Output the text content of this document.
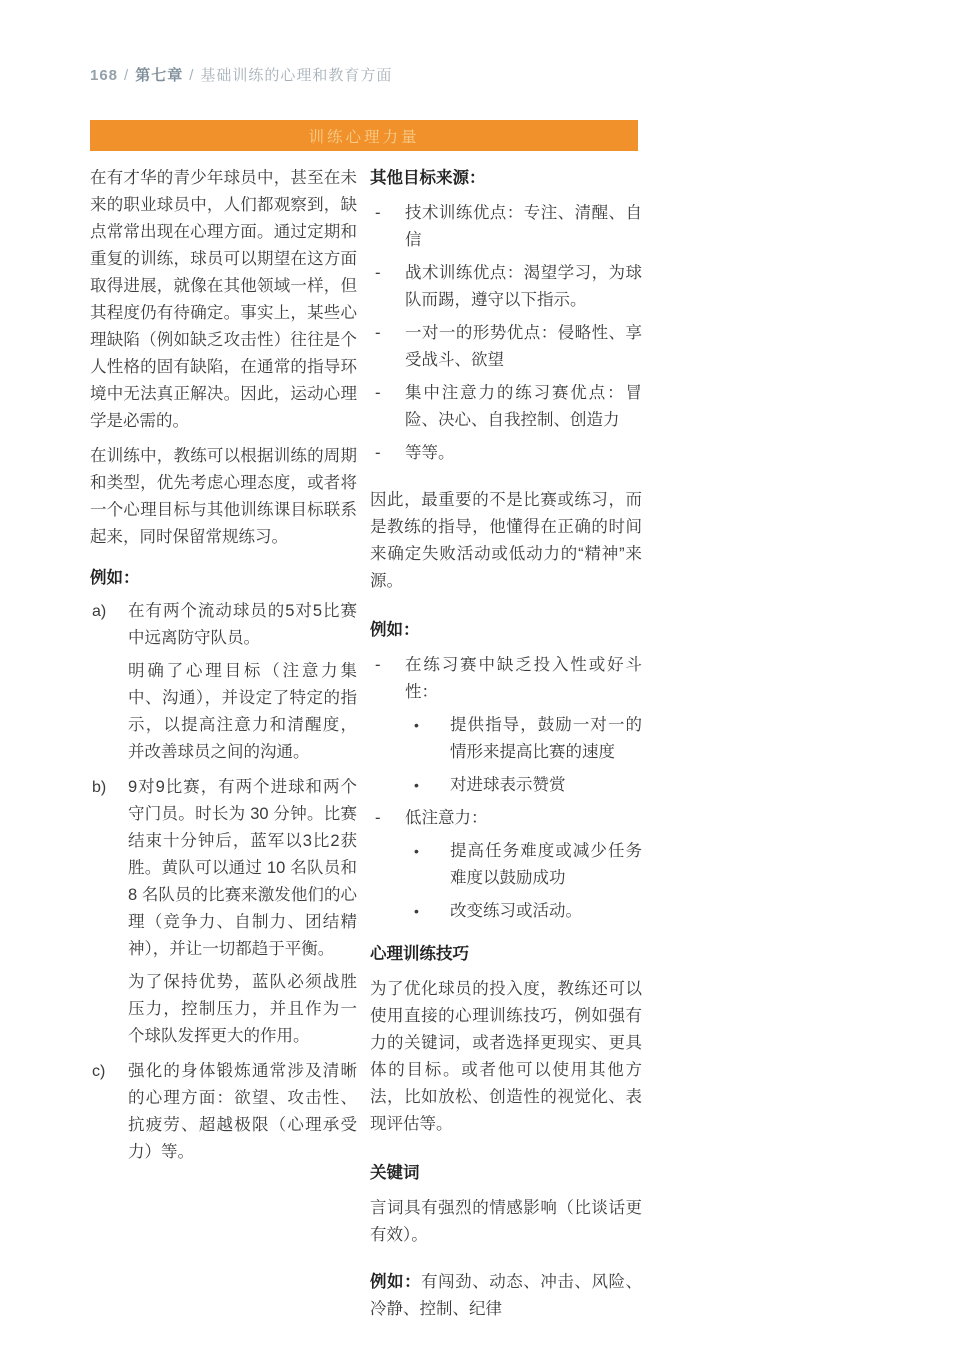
168 / 第七章 / 基础训练的心理和教育方面
训练心理力量

在有才华的青少年球员中，甚至在未来的职业球员中，人们都观察到，缺点常常出现在心理方面。通过定期和重复的训练，球员可以期望在这方面取得进展，就像在其他领域一样，但其程度仍有待确定。事实上，某些心理缺陷（例如缺乏攻击性）往往是个人性格的固有缺陷，在通常的指导环境中无法真正解决。因此，运动心理学是必需的。

在训练中，教练可以根据训练的周期和类型，优先考虑心理态度，或者将一个心理目标与其他训练课目标联系起来，同时保留常规练习。

例如：

a)	在有两个流动球员的5对5比赛中远离防守队员。

明确了心理目标（注意力集中、沟通），并设定了特定的指示，以提高注意力和清醒度，并改善球员之间的沟通。

b)	9对9比赛，有两个进球和两个守门员。时长为 30 分钟。比赛结束十分钟后，蓝军以3比2获胜。黄队可以通过 10 名队员和 8 名队员的比赛来激发他们的心理（竞争力、自制力、团结精神），并让一切都趋于平衡。

为了保持优势，蓝队必须战胜压力，控制压力，并且作为一个球队发挥更大的作用。

c)	强化的身体锻炼通常涉及清晰的心理方面：欲望、攻击性、抗疲劳、超越极限（心理承受力）等。

其他目标来源：

-	技术训练优点：专注、清醒、自信

-	战术训练优点：渴望学习，为球队而踢，遵守以下指示。

-	一对一的形势优点：侵略性、享受战斗、欲望

-	集中注意力的练习赛优点：冒险、决心、自我控制、创造力

-	等等。

因此，最重要的不是比赛或练习，而是教练的指导，他懂得在正确的时间来确定失败活动或低动力的“精神”来源。

例如：

-	在练习赛中缺乏投入性或好斗性：

•	提供指导，鼓励一对一的情形来提高比赛的速度

•	对进球表示赞赏

-	低注意力：

•	提高任务难度或减少任务难度以鼓励成功

•	改变练习或活动。

心理训练技巧

为了优化球员的投入度，教练还可以使用直接的心理训练技巧，例如强有力的关键词，或者选择更现实、更具体的目标。或者他可以使用其他方法，比如放松、创造性的视觉化、表现评估等。

关键词

言词具有强烈的情感影响（比谈话更有效）。

例如：有闯劲、动态、冲击、风险、冷静、控制、纪律
